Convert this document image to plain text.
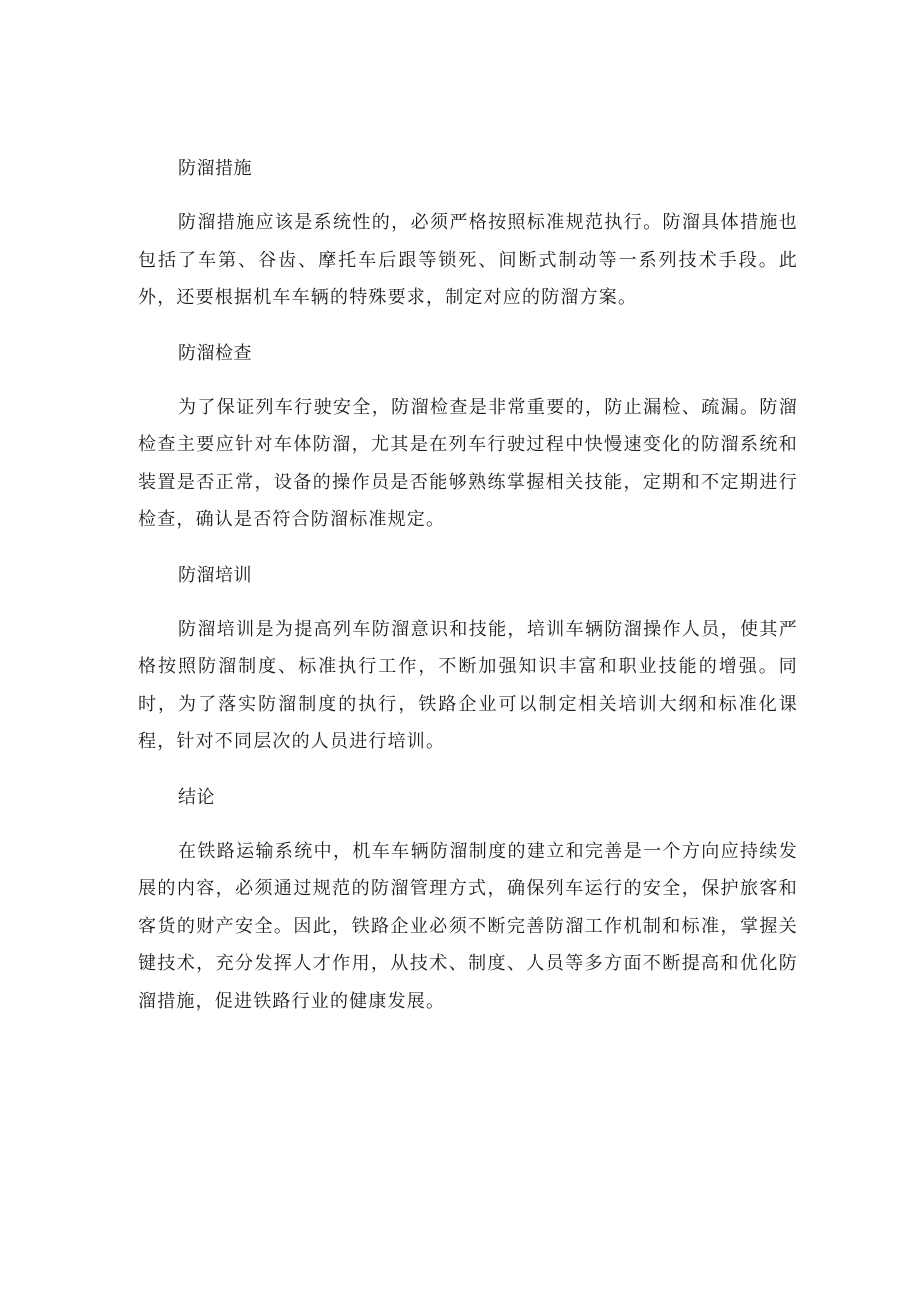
防溜措施

防溜措施应该是系统性的，必须严格按照标准规范执行。防溜具体措施也包括了车第、谷齿、摩托车后跟等锁死、间断式制动等一系列技术手段。此外，还要根据机车车辆的特殊要求，制定对应的防溜方案。

防溜检查

为了保证列车行驶安全，防溜检查是非常重要的，防止漏检、疏漏。防溜检查主要应针对车体防溜，尤其是在列车行驶过程中快慢速变化的防溜系统和装置是否正常，设备的操作员是否能够熟练掌握相关技能，定期和不定期进行检查，确认是否符合防溜标准规定。

防溜培训

防溜培训是为提高列车防溜意识和技能，培训车辆防溜操作人员，使其严格按照防溜制度、标准执行工作，不断加强知识丰富和职业技能的增强。同时，为了落实防溜制度的执行，铁路企业可以制定相关培训大纲和标准化课程，针对不同层次的人员进行培训。

结论

在铁路运输系统中，机车车辆防溜制度的建立和完善是一个方向应持续发展的内容，必须通过规范的防溜管理方式，确保列车运行的安全，保护旅客和客货的财产安全。因此，铁路企业必须不断完善防溜工作机制和标准，掌握关键技术，充分发挥人才作用，从技术、制度、人员等多方面不断提高和优化防溜措施，促进铁路行业的健康发展。
